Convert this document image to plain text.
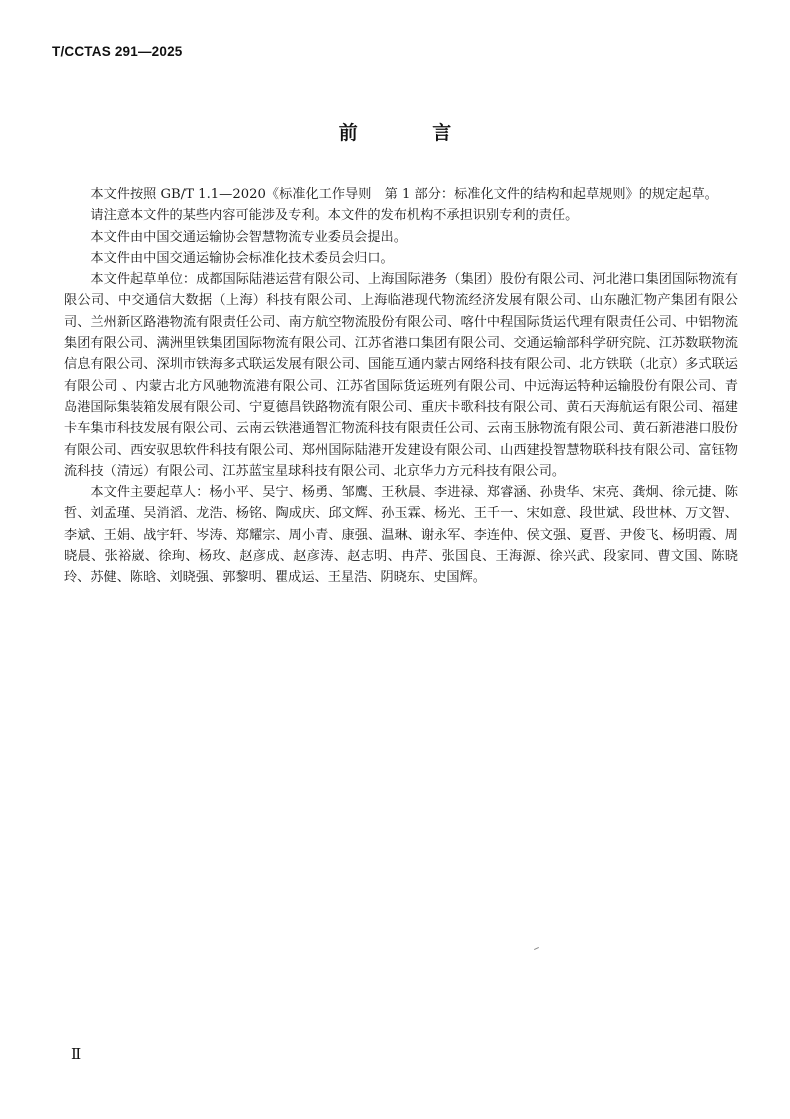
T/CCTAS 291—2025
前 言

本文件按照 GB/T 1.1—2020《标准化工作导则　第 1 部分：标准化文件的结构和起草规则》的规定起草。

请注意本文件的某些内容可能涉及专利。本文件的发布机构不承担识别专利的责任。

本文件由中国交通运输协会智慧物流专业委员会提出。

本文件由中国交通运输协会标准化技术委员会归口。

本文件起草单位：成都国际陆港运营有限公司、上海国际港务（集团）股份有限公司、河北港口集团国际物流有限公司、中交通信大数据（上海）科技有限公司、上海临港现代物流经济发展有限公司、山东融汇物产集团有限公司、兰州新区路港物流有限责任公司、南方航空物流股份有限公司、喀什中程国际货运代理有限责任公司、中铝物流集团有限公司、满洲里铁集团国际物流有限公司、江苏省港口集团有限公司、交通运输部科学研究院、江苏数联物流信息有限公司、深圳市铁海多式联运发展有限公司、国能互通内蒙古网络科技有限公司、北方铁联（北京）多式联运有限公司 、内蒙古北方风驰物流港有限公司、江苏省国际货运班列有限公司、中远海运特种运输股份有限公司、青岛港国际集装箱发展有限公司、宁夏德昌铁路物流有限公司、重庆卡歌科技有限公司、黄石天海航运有限公司、福建卡车集市科技发展有限公司、云南云铁港通智汇物流科技有限责任公司、云南玉脉物流有限公司、黄石新港港口股份有限公司、西安驭思软件科技有限公司、郑州国际陆港开发建设有限公司、山西建投智慧物联科技有限公司、富钰物流科技（清远）有限公司、江苏蓝宝星球科技有限公司、北京华力方元科技有限公司。

本文件主要起草人：杨小平、吴宁、杨勇、邹鹰、王秋晨、李进禄、郑睿涵、孙贵华、宋亮、龚炯、徐元捷、陈哲、刘孟瑾、吴消滔、龙浩、杨铭、陶成庆、邱文辉、孙玉霖、杨光、王千一、宋如意、段世斌、段世林、万文智、李斌、王娟、战宇轩、岑涛、郑耀宗、周小青、康强、温琳、谢永军、李连仲、侯文强、夏晋、尹俊飞、杨明霞、周晓晨、张裕崴、徐珣、杨玫、赵彦成、赵彦涛、赵志明、冉芹、张国良、王海源、徐兴武、段家同、曹文国、陈晓玲、苏健、陈晗、刘晓强、郭黎明、瞿成运、王星浩、阴晓东、史国辉。

Ⅱ
